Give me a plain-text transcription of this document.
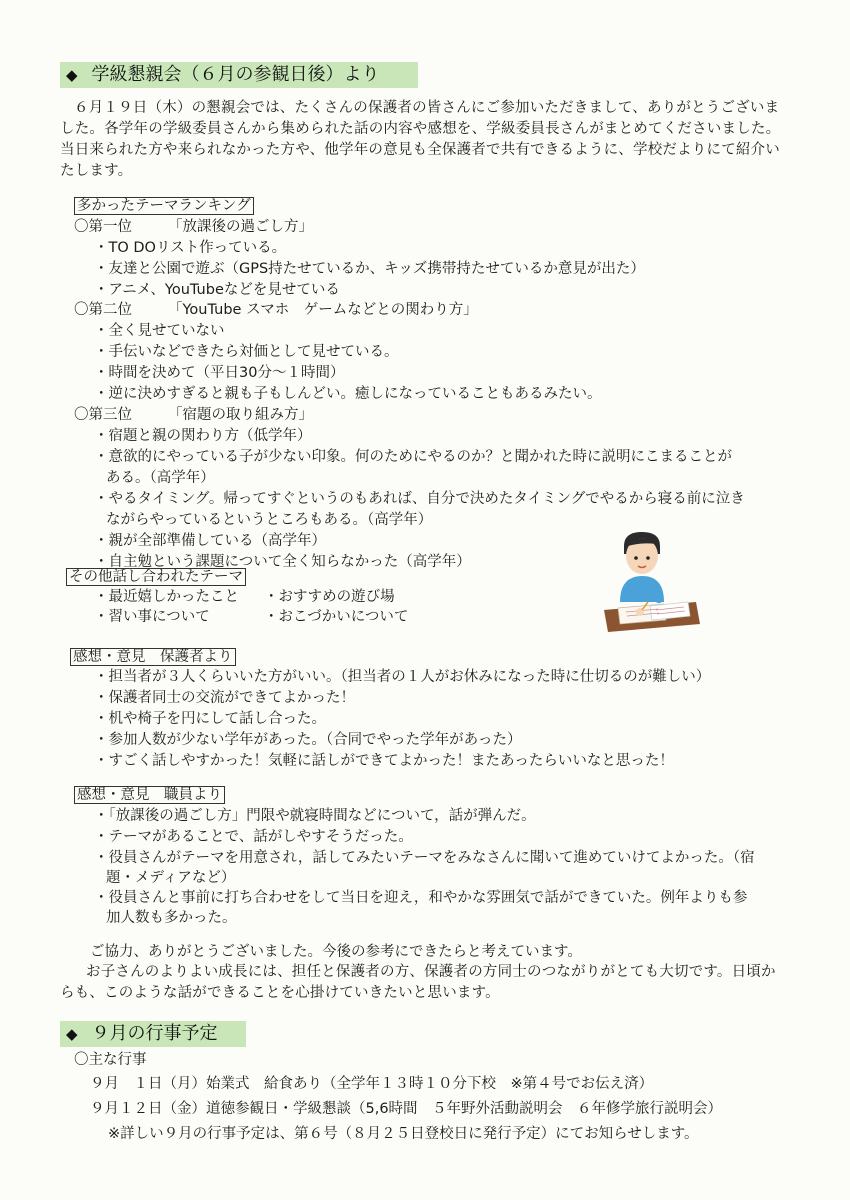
◆ 学級懇親会（６月の参観日後）より
６月１９日（木）の懇親会では、たくさんの保護者の皆さんにご参加いただきまして、ありがとうございました。各学年の学級委員さんから集められた話の内容や感想を、学級委員長さんがまとめてくださいました。当日来られた方や来られなかった方や、他学年の意見も全保護者で共有できるように、学校だよりにて紹介いたします。
多かったテーマランキング
〇第一位 「放課後の過ごし方」
・TO DOリスト作っている。
・友達と公園で遊ぶ（GPS持たせているか、キッズ携帯持たせているか意見が出た）
・アニメ、YouTubeなどを見せている
〇第二位 「YouTube スマホ　ゲームなどとの関わり方」
・全く見せていない
・手伝いなどできたら対価として見せている。
・時間を決めて（平日30分～１時間）
・逆に決めすぎると親も子もしんどい。癒しになっていることもあるみたい。
〇第三位 「宿題の取り組み方」
・宿題と親の関わり方（低学年）
・意欲的にやっている子が少ない印象。何のためにやるのか？と聞かれた時に説明にこまることが
ある。（高学年）
・やるタイミング。帰ってすぐというのもあれば、自分で決めたタイミングでやるから寝る前に泣き
ながらやっているというところもある。（高学年）
・親が全部準備している（高学年）
・自主勉という課題について全く知らなかった（高学年）
その他話し合われたテーマ
・最近嬉しかったこと
・習い事について
・おすすめの遊び場
・おこづかいについて
感想・意見　保護者より
・担当者が３人くらいいた方がいい。（担当者の１人がお休みになった時に仕切るのが難しい）
・保護者同士の交流ができてよかった！
・机や椅子を円にして話し合った。
・参加人数が少ない学年があった。（合同でやった学年があった）
・すごく話しやすかった！気軽に話しができてよかった！またあったらいいなと思った！
感想・意見　職員より
・「放課後の過ごし方」門限や就寝時間などについて，話が弾んだ。
・テーマがあることで、話がしやすそうだった。
・役員さんがテーマを用意され，話してみたいテーマをみなさんに聞いて進めていけてよかった。（宿
題・メディアなど）
・役員さんと事前に打ち合わせをして当日を迎え，和やかな雰囲気で話ができていた。例年よりも参
加人数も多かった。
ご協力、ありがとうございました。今後の参考にできたらと考えています。
お子さんのよりよい成長には、担任と保護者の方、保護者の方同士のつながりがとても大切です。日頃からも、このような話ができることを心掛けていきたいと思います。
◆ ９月の行事予定
〇主な行事
９月　１日（月）始業式　給食あり（全学年１３時１０分下校　※第４号でお伝え済）
９月１２日（金）道徳参観日・学級懇談（5,6時間　５年野外活動説明会　６年修学旅行説明会）
※詳しい９月の行事予定は、第６号（８月２５日登校日に発行予定）にてお知らせします。
